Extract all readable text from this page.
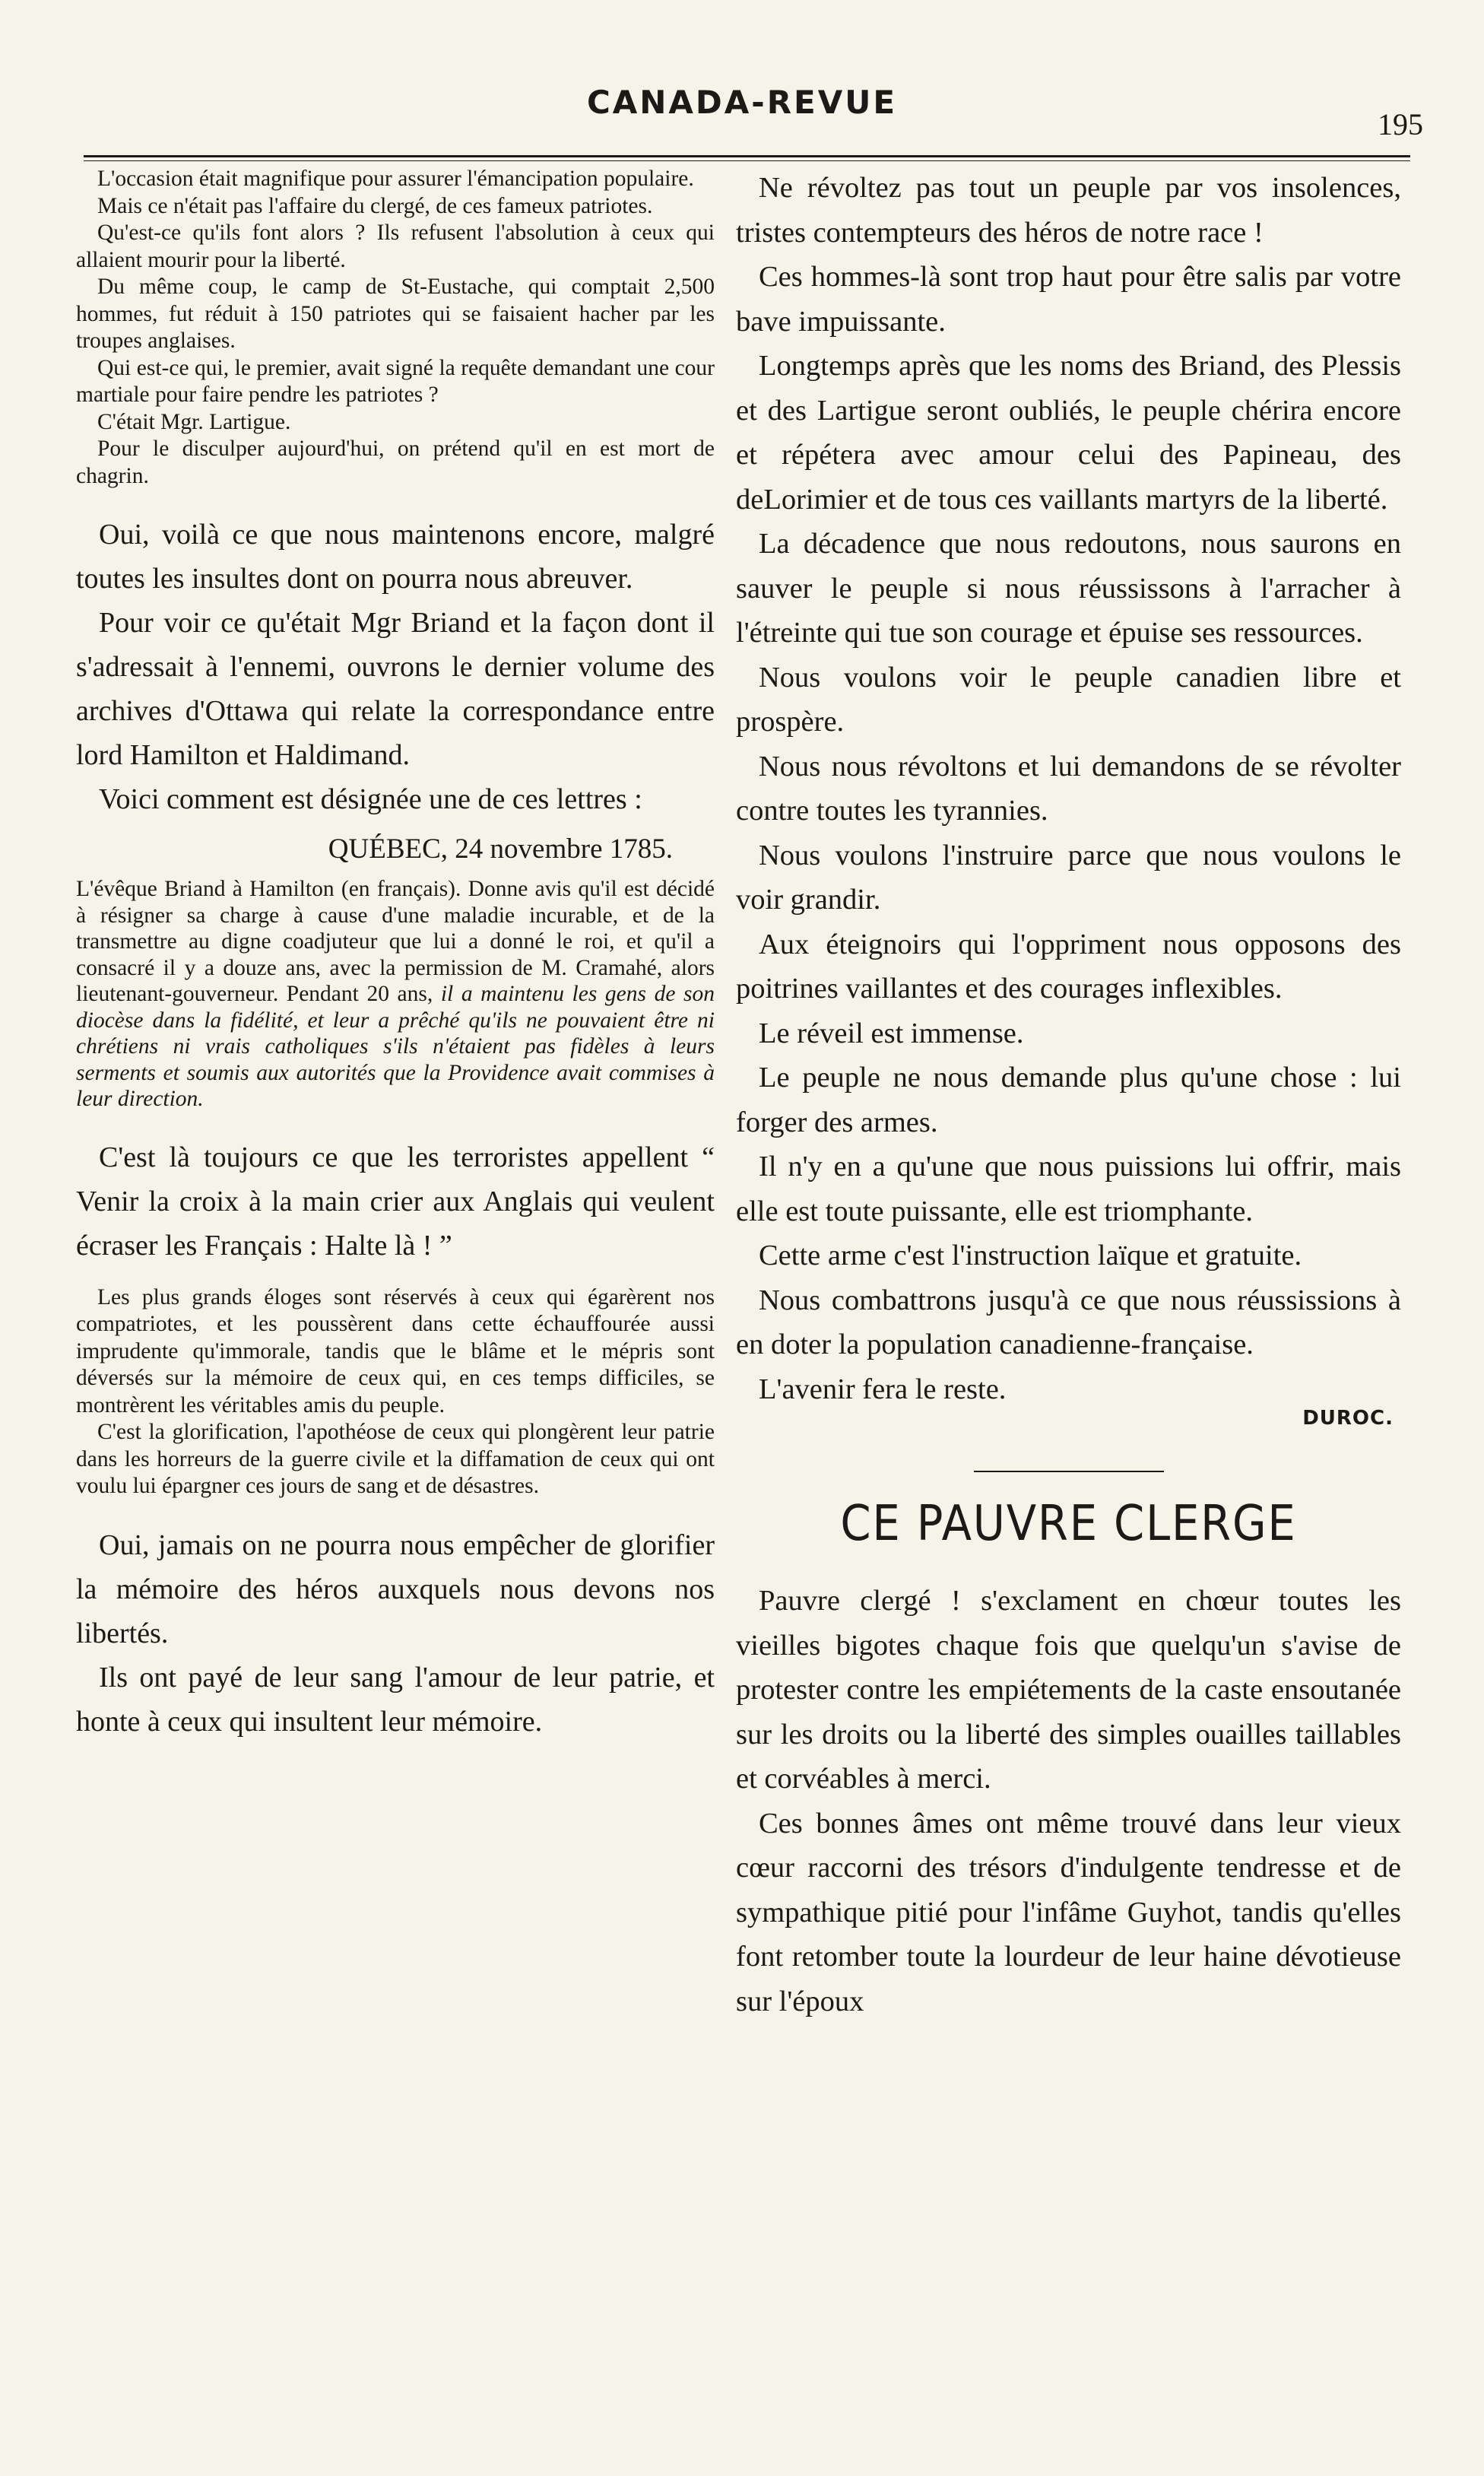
CANADA-REVUE
195

L'occasion était magnifique pour assurer l'émancipation populaire.

Mais ce n'était pas l'affaire du clergé, de ces fameux patriotes.

Qu'est-ce qu'ils font alors ? Ils refusent l'absolution à ceux qui allaient mourir pour la liberté.

Du même coup, le camp de St-Eustache, qui comptait 2,500 hommes, fut réduit à 150 patriotes qui se faisaient hacher par les troupes anglaises.

Qui est-ce qui, le premier, avait signé la requête demandant une cour martiale pour faire pendre les patriotes ?

C'était Mgr. Lartigue.

Pour le disculper aujourd'hui, on prétend qu'il en est mort de chagrin.

Oui, voilà ce que nous maintenons encore, malgré toutes les insultes dont on pourra nous abreuver.

Pour voir ce qu'était Mgr Briand et la façon dont il s'adressait à l'ennemi, ouvrons le dernier volume des archives d'Ottawa qui relate la correspondance entre lord Hamilton et Haldimand.

Voici comment est désignée une de ces lettres :

QUÉBEC, 24 novembre 1785.

L'évêque Briand à Hamilton (en français). Donne avis qu'il est décidé à résigner sa charge à cause d'une maladie incurable, et de la transmettre au digne coadjuteur que lui a donné le roi, et qu'il a consacré il y a douze ans, avec la permission de M. Cramahé, alors lieutenant-gouverneur. Pendant 20 ans, il a maintenu les gens de son diocèse dans la fidélité, et leur a prêché qu'ils ne pouvaient être ni chrétiens ni vrais catholiques s'ils n'étaient pas fidèles à leurs serments et soumis aux autorités que la Providence avait commises à leur direction.

C'est là toujours ce que les terroristes appellent “ Venir la croix à la main crier aux Anglais qui veulent écraser les Français : Halte là ! ”

Les plus grands éloges sont réservés à ceux qui égarèrent nos compatriotes, et les poussèrent dans cette échauffourée aussi imprudente qu'immorale, tandis que le blâme et le mépris sont déversés sur la mémoire de ceux qui, en ces temps difficiles, se montrèrent les véritables amis du peuple.

C'est la glorification, l'apothéose de ceux qui plongèrent leur patrie dans les horreurs de la guerre civile et la diffamation de ceux qui ont voulu lui épargner ces jours de sang et de désastres.

Oui, jamais on ne pourra nous empêcher de glorifier la mémoire des héros auxquels nous devons nos libertés.

Ils ont payé de leur sang l'amour de leur patrie, et honte à ceux qui insultent leur mémoire.

Ne révoltez pas tout un peuple par vos insolences, tristes contempteurs des héros de notre race !

Ces hommes-là sont trop haut pour être salis par votre bave impuissante.

Longtemps après que les noms des Briand, des Plessis et des Lartigue seront oubliés, le peuple chérira encore et répétera avec amour celui des Papineau, des deLorimier et de tous ces vaillants martyrs de la liberté.

La décadence que nous redoutons, nous saurons en sauver le peuple si nous réussissons à l'arracher à l'étreinte qui tue son courage et épuise ses ressources.

Nous voulons voir le peuple canadien libre et prospère.

Nous nous révoltons et lui demandons de se révolter contre toutes les tyrannies.

Nous voulons l'instruire parce que nous voulons le voir grandir.

Aux éteignoirs qui l'oppriment nous opposons des poitrines vaillantes et des courages inflexibles.

Le réveil est immense.

Le peuple ne nous demande plus qu'une chose : lui forger des armes.

Il n'y en a qu'une que nous puissions lui offrir, mais elle est toute puissante, elle est triomphante.

Cette arme c'est l'instruction laïque et gratuite.

Nous combattrons jusqu'à ce que nous réussissions à en doter la population canadienne-française.

L'avenir fera le reste.

DUROC.
CE PAUVRE CLERGE

Pauvre clergé ! s'exclament en chœur toutes les vieilles bigotes chaque fois que quelqu'un s'avise de protester contre les empiétements de la caste ensoutanée sur les droits ou la liberté des simples ouailles taillables et corvéables à merci.

Ces bonnes âmes ont même trouvé dans leur vieux cœur raccorni des trésors d'indulgente tendresse et de sympathique pitié pour l'infâme Guyhot, tandis qu'elles font retomber toute la lourdeur de leur haine dévotieuse sur l'époux
